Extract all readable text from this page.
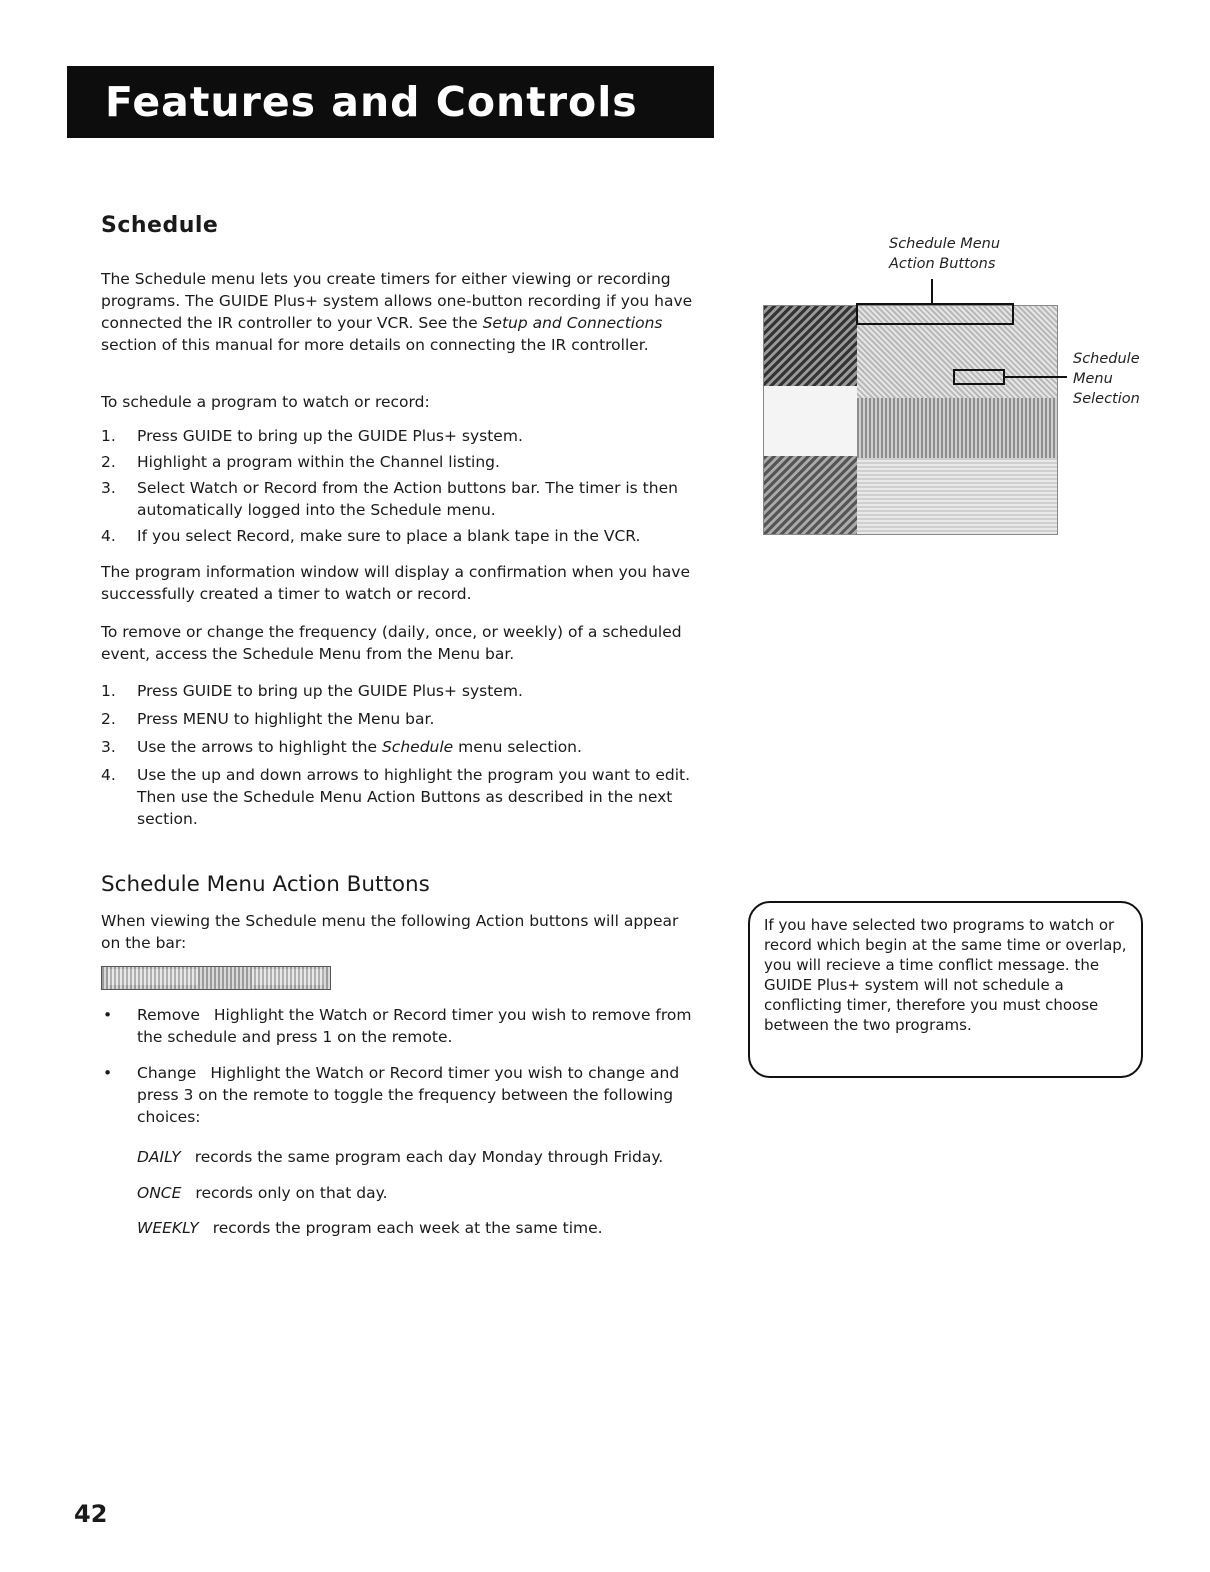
Features and Controls
Schedule

The Schedule menu lets you create timers for either viewing or recording programs. The GUIDE Plus+ system allows one-button recording if you have connected the IR controller to your VCR. See the Setup and Connections section of this manual for more details on connecting the IR controller.

To schedule a program to watch or record:

1. Press GUIDE to bring up the GUIDE Plus+ system.
2. Highlight a program within the Channel listing.
3. Select Watch or Record from the Action buttons bar. The timer is then automatically logged into the Schedule menu.
4. If you select Record, make sure to place a blank tape in the VCR.

The program information window will display a confirmation when you have successfully created a timer to watch or record.

To remove or change the frequency (daily, once, or weekly) of a scheduled event, access the Schedule Menu from the Menu bar.

1. Press GUIDE to bring up the GUIDE Plus+ system.
2. Press MENU to highlight the Menu bar.
3. Use the arrows to highlight the Schedule menu selection.
4. Use the up and down arrows to highlight the program you want to edit. Then use the Schedule Menu Action Buttons as described in the next section.
Schedule Menu Action Buttons

When viewing the Schedule menu the following Action buttons will appear on the bar:

• Remove Highlight the Watch or Record timer you wish to remove from the schedule and press 1 on the remote.
• Change Highlight the Watch or Record timer you wish to change and press 3 on the remote to toggle the frequency between the following choices:
DAILY records the same program each day Monday through Friday.
ONCE records only on that day.
WEEKLY records the program each week at the same time.
Schedule Menu
Action Buttons
Schedule
Menu
Selection

If you have selected two programs to watch or record which begin at the same time or overlap, you will recieve a time conflict message. the GUIDE Plus+ system will not schedule a conflicting timer, therefore you must choose between the two programs.

42
